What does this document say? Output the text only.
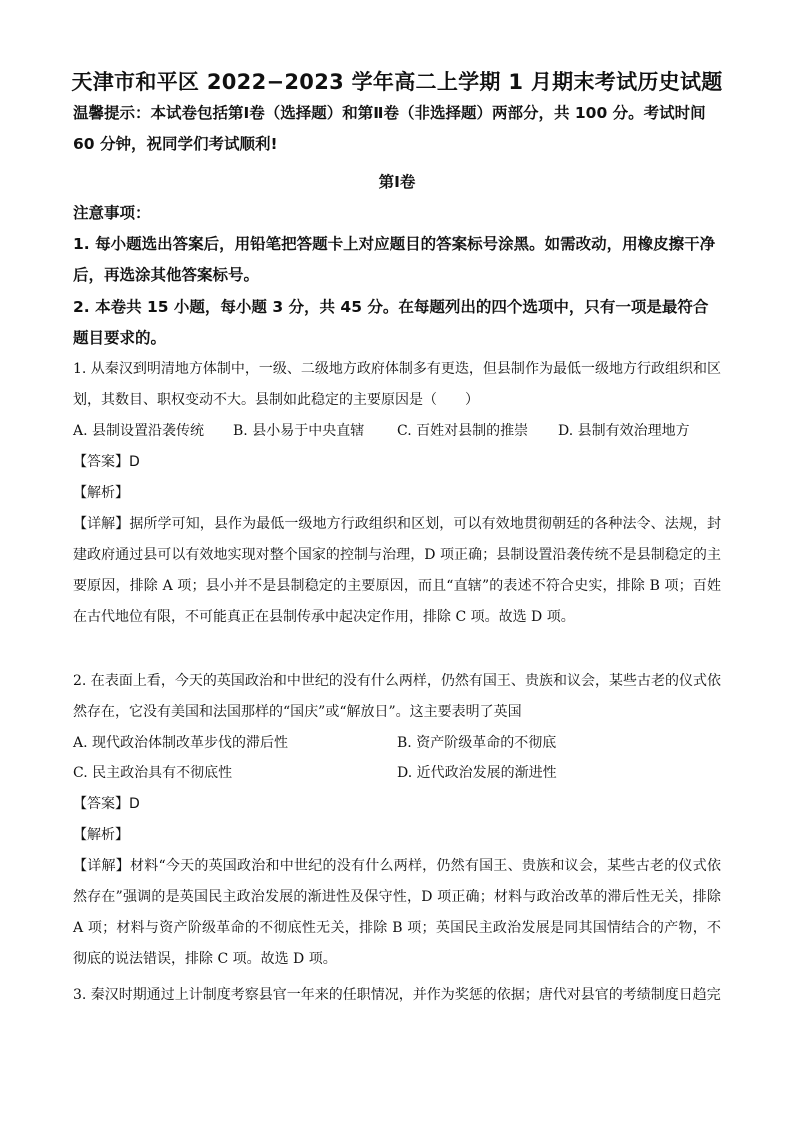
天津市和平区 2022−2023 学年高二上学期 1 月期末考试历史试题
温馨提示：本试卷包括第Ⅰ卷（选择题）和第Ⅱ卷（非选择题）两部分，共 100 分。考试时间 60 分钟，祝同学们考试顺利!
第Ⅰ卷
注意事项：
1. 每小题选出答案后，用铅笔把答题卡上对应题目的答案标号涂黑。如需改动，用橡皮擦干净后，再选涂其他答案标号。
2. 本卷共 15 小题，每小题 3 分，共 45 分。在每题列出的四个选项中，只有一项是最符合题目要求的。
1. 从秦汉到明清地方体制中，一级、二级地方政府体制多有更迭，但县制作为最低一级地方行政组织和区划，其数目、职权变动不大。县制如此稳定的主要原因是（　　）
A. 县制设置沿袭传统 B. 县小易于中央直辖 C. 百姓对县制的推崇 D. 县制有效治理地方
【答案】D
【解析】
【详解】据所学可知，县作为最低一级地方行政组织和区划，可以有效地贯彻朝廷的各种法令、法规，封建政府通过县可以有效地实现对整个国家的控制与治理，D 项正确；县制设置沿袭传统不是县制稳定的主要原因，排除 A 项；县小并不是县制稳定的主要原因，而且“直辖”的表述不符合史实，排除 B 项；百姓在古代地位有限，不可能真正在县制传承中起决定作用，排除 C 项。故选 D 项。
2. 在表面上看，今天的英国政治和中世纪的没有什么两样，仍然有国王、贵族和议会，某些古老的仪式依然存在，它没有美国和法国那样的“国庆”或“解放日”。这主要表明了英国
A. 现代政治体制改革步伐的滞后性	B. 资产阶级革命的不彻底
C. 民主政治具有不彻底性	D. 近代政治发展的渐进性
【答案】D
【解析】
【详解】材料“今天的英国政治和中世纪的没有什么两样，仍然有国王、贵族和议会，某些古老的仪式依然存在”强调的是英国民主政治发展的渐进性及保守性，D 项正确；材料与政治改革的滞后性无关，排除 A 项；材料与资产阶级革命的不彻底性无关，排除 B 项；英国民主政治发展是同其国情结合的产物，不彻底的说法错误，排除 C 项。故选 D 项。
3. 秦汉时期通过上计制度考察县官一年来的任职情况，并作为奖惩的依据；唐代对县官的考绩制度日趋完
